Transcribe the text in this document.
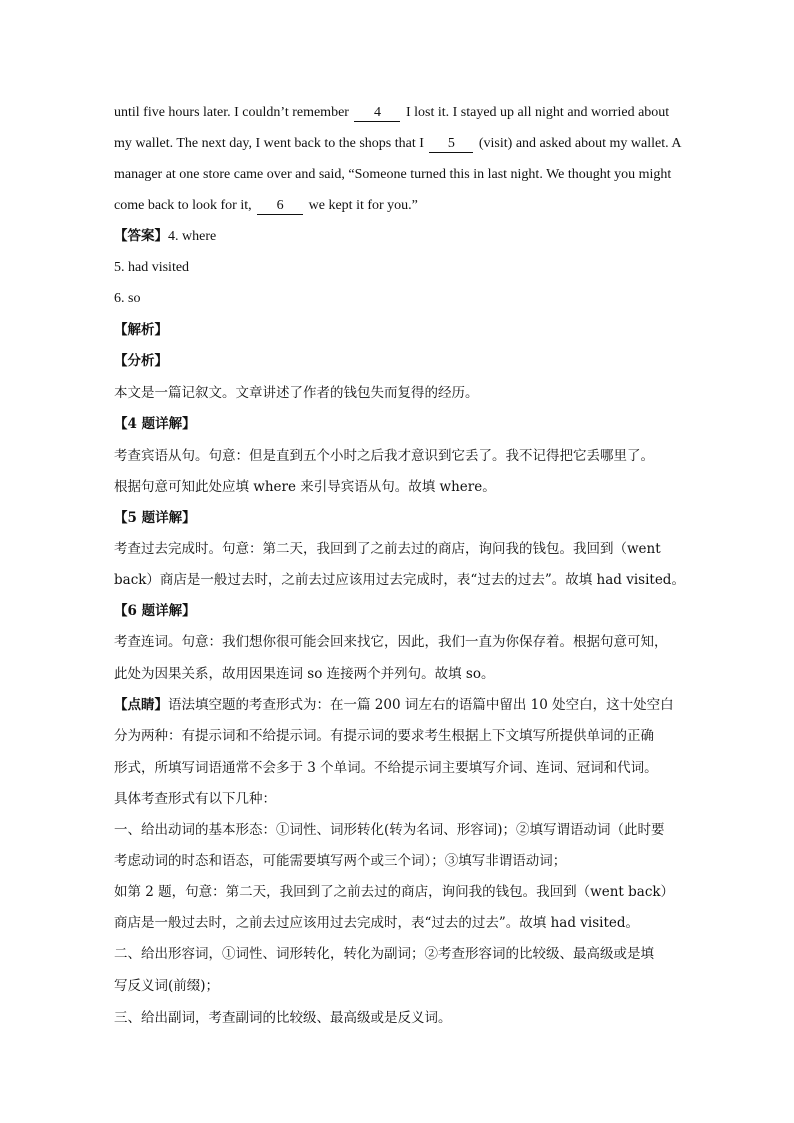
until five hours later. I couldn’t remember 4 I lost it. I stayed up all night and worried about
my wallet. The next day, I went back to the shops that I 5 (visit) and asked about my wallet. A
manager at one store came over and said, “Someone turned this in last night. We thought you might
come back to look for it, 6 we kept it for you.”
【答案】4. where
5. had visited
6. so
【解析】
【分析】
本文是一篇记叙文。文章讲述了作者的钱包失而复得的经历。
【4 题详解】
考查宾语从句。句意：但是直到五个小时之后我才意识到它丢了。我不记得把它丢哪里了。
根据句意可知此处应填 where 来引导宾语从句。故填 where。
【5 题详解】
考查过去完成时。句意：第二天，我回到了之前去过的商店，询问我的钱包。我回到（went
back）商店是一般过去时，之前去过应该用过去完成时，表“过去的过去”。故填 had visited。
【6 题详解】
考查连词。句意：我们想你很可能会回来找它，因此，我们一直为你保存着。根据句意可知，
此处为因果关系，故用因果连词 so 连接两个并列句。故填 so。
【点睛】语法填空题的考查形式为：在一篇 200 词左右的语篇中留出 10 处空白，这十处空白
分为两种：有提示词和不给提示词。有提示词的要求考生根据上下文填写所提供单词的正确
形式，所填写词语通常不会多于 3 个单词。不给提示词主要填写介词、连词、冠词和代词。
具体考查形式有以下几种：
一、给出动词的基本形态：①词性、词形转化(转为名词、形容词)；②填写谓语动词（此时要
考虑动词的时态和语态，可能需要填写两个或三个词）；③填写非谓语动词；
如第 2 题，句意：第二天，我回到了之前去过的商店，询问我的钱包。我回到（went back）
商店是一般过去时，之前去过应该用过去完成时，表“过去的过去”。故填 had visited。
二、给出形容词，①词性、词形转化，转化为副词；②考查形容词的比较级、最高级或是填
写反义词(前缀)；
三、给出副词，考查副词的比较级、最高级或是反义词。
